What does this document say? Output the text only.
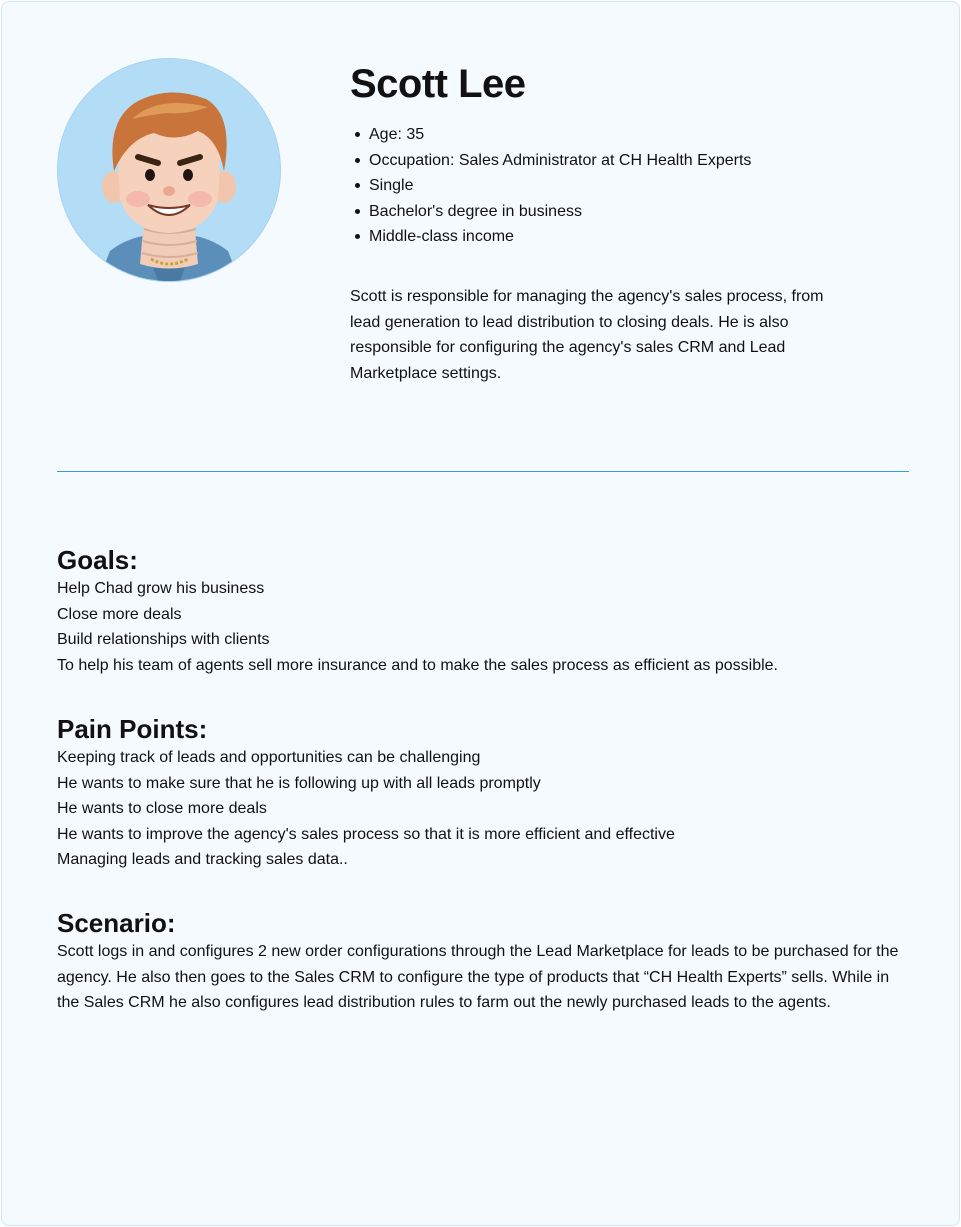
Scott Lee
Age: 35
Occupation: Sales Administrator at CH Health Experts
Single
Bachelor's degree in business
Middle-class income

Scott is responsible for managing the agency's sales process, from lead generation to lead distribution to closing deals. He is also responsible for configuring the agency's sales CRM and Lead Marketplace settings.

Goals:
Help Chad grow his business
Close more deals
Build relationships with clients
To help his team of agents sell more insurance and to make the sales process as efficient as possible.
Pain Points:
Keeping track of leads and opportunities can be challenging
He wants to make sure that he is following up with all leads promptly
He wants to close more deals
He wants to improve the agency's sales process so that it is more efficient and effective
Managing leads and tracking sales data..
Scenario:

Scott logs in and configures 2 new order configurations through the Lead Marketplace for leads to be purchased for the agency. He also then goes to the Sales CRM to configure the type of products that “CH Health Experts” sells. While in the Sales CRM he also configures lead distribution rules to farm out the newly purchased leads to the agents.
